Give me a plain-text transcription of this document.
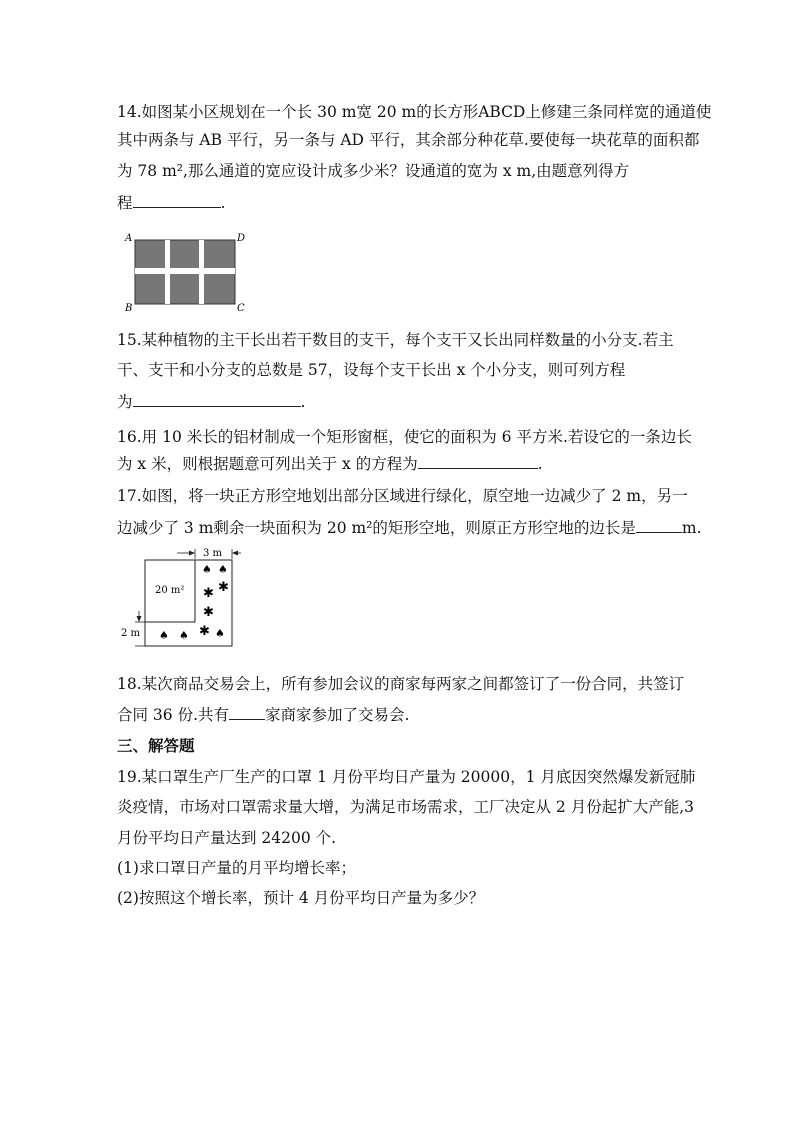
14.如图某小区规划在一个长 30 m宽 20 m的长方形ABCD上修建三条同样宽的通道使
其中两条与 AB 平行，另一条与 AD 平行，其余部分种花草.要使每一块花草的面积都
为 78 m²,那么通道的宽应设计成多少米？设通道的宽为 x m,由题意列得方
程	.
A	D
B	C
15.某种植物的主干长出若干数目的支干，每个支干又长出同样数量的小分支.若主
干、支干和小分支的总数是 57，设每个支干长出 x 个小分支，则可列方程
为	.
16.用 10 米长的铝材制成一个矩形窗框，使它的面积为 6 平方米.若设它的一条边长
为 x 米，则根据题意可列出关于 x 的方程为	.
17.如图，将一块正方形空地划出部分区域进行绿化，原空地一边减少了 2 m，另一
边减少了 3 m剩余一块面积为 20 m²的矩形空地，则原正方形空地的边长是	m.
3 m
20 m²
2 m
♠ ♠
✱ ✱
✱
✱ ♠
♠ ♠
18.某次商品交易会上，所有参加会议的商家每两家之间都签订了一份合同，共签订
合同 36 份.共有 家商家参加了交易会.
三、解答题
19.某口罩生产厂生产的口罩 1 月份平均日产量为 20000，1 月底因突然爆发新冠肺
炎疫情，市场对口罩需求量大增，为满足市场需求，工厂决定从 2 月份起扩大产能,3
月份平均日产量达到 24200 个.
(1)求口罩日产量的月平均增长率；
(2)按照这个增长率，预计 4 月份平均日产量为多少？
